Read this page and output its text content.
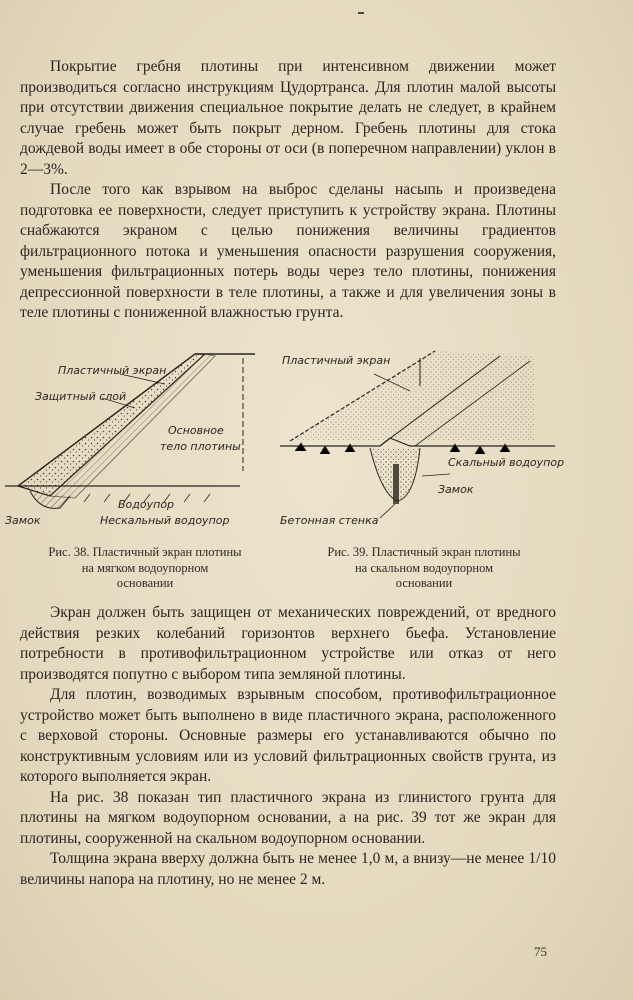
Покрытие гребня плотины при интенсивном движении может производиться согласно инструкциям Цудортранса. Для плотин малой высоты при отсутствии движения специальное покрытие делать не следует, в крайнем случае гребень может быть покрыт дерном. Гребень плотины для стока дождевой воды имеет в обе стороны от оси (в поперечном направлении) уклон в 2—3%.

После того как взрывом на выброс сделаны насыпь и произведена подготовка ее поверхности, следует приступить к устройству экрана. Плотины снабжаются экраном с целью понижения величины градиентов фильтрационного потока и уменьшения опасности разрушения сооружения, уменьшения фильтрационных потерь воды через тело плотины, понижения депрессионной поверхности в теле плотины, а также и для увеличения зоны в теле плотины с пониженной влажностью грунта.

Пластичный экран
Защитный слой
Основное
тело плотины
Водоупор
Замок	Нескальный водоупор
Пластичный экран
Скальный водоупор
Замок
Бетонная стенка
Рис. 38. Пластичный экран плотины
на мягком водоупорном
основании
Рис. 39. Пластичный экран плотины
на скальном водоупорном
основании

Экран должен быть защищен от механических повреждений, от вредного действия резких колебаний горизонтов верхнего бьефа. Установление потребности в противофильтрационном устройстве или отказ от него производятся попутно с выбором типа земляной плотины.

Для плотин, возводимых взрывным способом, противофильтрационное устройство может быть выполнено в виде пластичного экрана, расположенного с верховой стороны. Основные размеры его устанавливаются обычно по конструктивным условиям или из условий фильтрационных свойств грунта, из которого выполняется экран.

На рис. 38 показан тип пластичного экрана из глинистого грунта для плотины на мягком водоупорном основании, а на рис. 39 тот же экран для плотины, сооруженной на скальном водоупорном основании.

Толщина экрана вверху должна быть не менее 1,0 м, а внизу—не менее 1/10 величины напора на плотину, но не менее 2 м.

75
